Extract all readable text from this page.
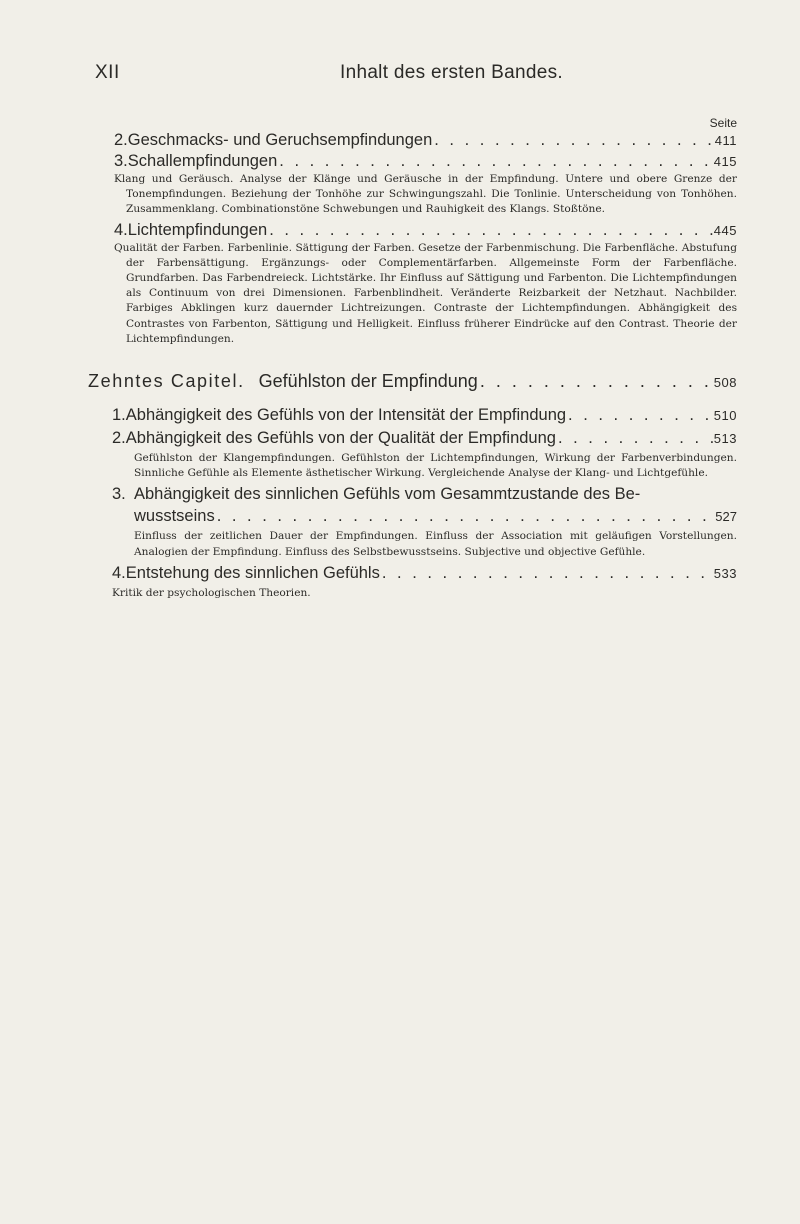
XII	Inhalt des ersten Bandes.
Seite
2. Geschmacks- und Geruchsempfindungen . . .	411
3. Schallempfindungen . . .	415
Klang und Geräusch. Analyse der Klänge und Geräusche in der Empfindung. Untere und obere Grenze der Tonempfindungen. Beziehung der Tonhöhe zur Schwingungszahl. Die Tonlinie. Unterscheidung von Tonhöhen. Zusammenklang. Combinationstöne Schwebungen und Rauhigkeit des Klangs. Stoßtöne.
4. Lichtempfindungen . . .	445
Qualität der Farben. Farbenlinie. Sättigung der Farben. Gesetze der Farbenmischung. Die Farbenfläche. Abstufung der Farbensättigung. Ergänzungs- oder Complementärfarben. Allgemeinste Form der Farbenfläche. Grundfarben. Das Farbendreieck. Lichtstärke. Ihr Einfluss auf Sättigung und Farbenton. Die Lichtempfindungen als Continuum von drei Dimensionen. Farbenblindheit. Veränderte Reizbarkeit der Netzhaut. Nachbilder. Farbiges Abklingen kurz dauernder Lichtreizungen. Contraste der Lichtempfindungen. Abhängigkeit des Contrastes von Farbenton, Sättigung und Helligkeit. Einfluss früherer Eindrücke auf den Contrast. Theorie der Lichtempfindungen.
Zehntes Capitel. Gefühlston der Empfindung . . .	508
1. Abhängigkeit des Gefühls von der Intensität der Empfindung . . .	510
2. Abhängigkeit des Gefühls von der Qualität der Empfindung . . .	513
Gefühlston der Klangempfindungen. Gefühlston der Lichtempfindungen, Wirkung der Farbenverbindungen. Sinnliche Gefühle als Elemente ästhetischer Wirkung. Vergleichende Analyse der Klang- und Lichtgefühle.
3. Abhängigkeit des sinnlichen Gefühls vom Gesammtzustande des Be-
wusstseins . . .	527
Einfluss der zeitlichen Dauer der Empfindungen. Einfluss der Association mit geläufigen Vorstellungen. Analogien der Empfindung. Einfluss des Selbstbewusstseins. Subjective und objective Gefühle.
4. Entstehung des sinnlichen Gefühls . . .	533
Kritik der psychologischen Theorien.
